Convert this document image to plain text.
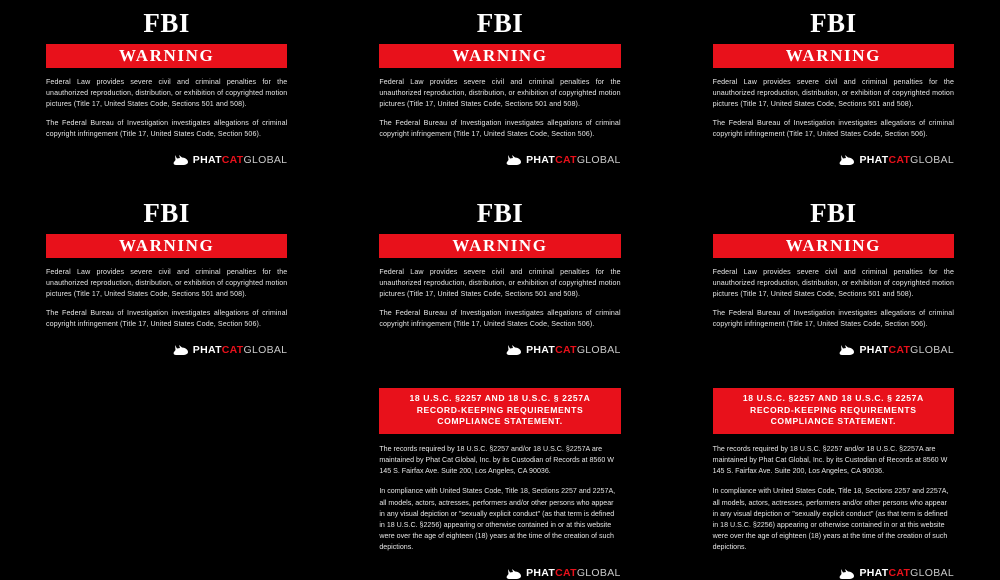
FBI
WARNING

Federal Law provides severe civil and criminal penalties for the unauthorized reproduction, distribution, or exhibition of copyrighted motion pictures (Title 17, United States Code, Sections 501 and 508).

The Federal Bureau of Investigation investigates allegations of criminal copyright infringement (Title 17, United States Code, Section 506).

PHATCATGLOBAL
FBI
WARNING

Federal Law provides severe civil and criminal penalties for the unauthorized reproduction, distribution, or exhibition of copyrighted motion pictures (Title 17, United States Code, Sections 501 and 508).

The Federal Bureau of Investigation investigates allegations of criminal copyright infringement (Title 17, United States Code, Section 506).

PHATCATGLOBAL
FBI
WARNING

Federal Law provides severe civil and criminal penalties for the unauthorized reproduction, distribution, or exhibition of copyrighted motion pictures (Title 17, United States Code, Sections 501 and 508).

The Federal Bureau of Investigation investigates allegations of criminal copyright infringement (Title 17, United States Code, Section 506).

PHATCATGLOBAL
FBI
WARNING

Federal Law provides severe civil and criminal penalties for the unauthorized reproduction, distribution, or exhibition of copyrighted motion pictures (Title 17, United States Code, Sections 501 and 508).

The Federal Bureau of Investigation investigates allegations of criminal copyright infringement (Title 17, United States Code, Section 506).

PHATCATGLOBAL
FBI
WARNING

Federal Law provides severe civil and criminal penalties for the unauthorized reproduction, distribution, or exhibition of copyrighted motion pictures (Title 17, United States Code, Sections 501 and 508).

The Federal Bureau of Investigation investigates allegations of criminal copyright infringement (Title 17, United States Code, Section 506).

PHATCATGLOBAL
FBI
WARNING

Federal Law provides severe civil and criminal penalties for the unauthorized reproduction, distribution, or exhibition of copyrighted motion pictures (Title 17, United States Code, Sections 501 and 508).

The Federal Bureau of Investigation investigates allegations of criminal copyright infringement (Title 17, United States Code, Section 506).

PHATCATGLOBAL
18 U.S.C. §2257 AND 18 U.S.C. § 2257A
RECORD-KEEPING REQUIREMENTS COMPLIANCE STATEMENT.

The records required by 18 U.S.C. §2257 and/or 18 U.S.C. §2257A are maintained by Phat Cat Global, Inc. by its Custodian of Records at 8560 W 145 S. Fairfax Ave. Suite 200, Los Angeles, CA 90036.

In compliance with United States Code, Title 18, Sections 2257 and 2257A, all models, actors, actresses, performers and/or other persons who appear in any visual depiction or "sexually explicit conduct" (as that term is defined in 18 U.S.C. §2256) appearing or otherwise contained in or at this website were over the age of eighteen (18) years at the time of the creation of such depictions.

PHATCATGLOBAL
18 U.S.C. §2257 AND 18 U.S.C. § 2257A
RECORD-KEEPING REQUIREMENTS COMPLIANCE STATEMENT.

The records required by 18 U.S.C. §2257 and/or 18 U.S.C. §2257A are maintained by Phat Cat Global, Inc. by its Custodian of Records at 8560 W 145 S. Fairfax Ave. Suite 200, Los Angeles, CA 90036.

In compliance with United States Code, Title 18, Sections 2257 and 2257A, all models, actors, actresses, performers and/or other persons who appear in any visual depiction or "sexually explicit conduct" (as that term is defined in 18 U.S.C. §2256) appearing or otherwise contained in or at this website were over the age of eighteen (18) years at the time of the creation of such depictions.

PHATCATGLOBAL
